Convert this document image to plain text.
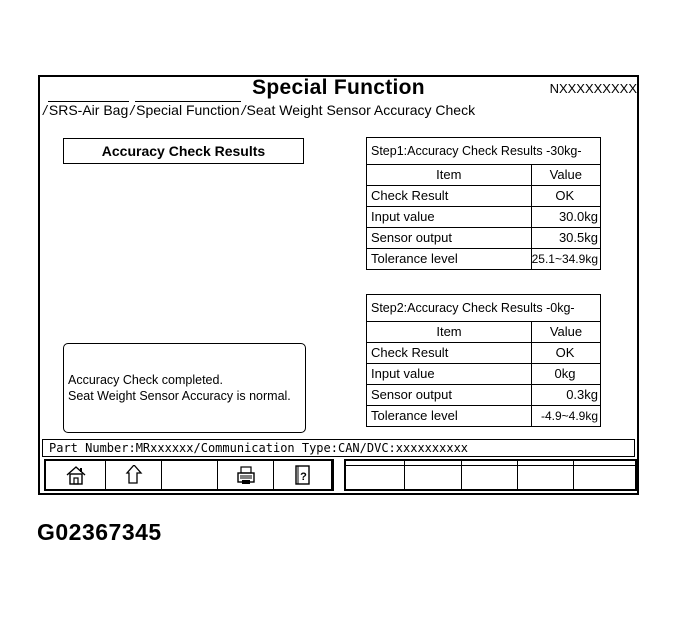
Special Function	NXXXXXXXXX
/ SRS-Air Bag / Special Function /Seat Weight Sensor Accuracy Check
Accuracy Check Results
Accuracy Check completed.
Seat Weight Sensor Accuracy is normal.
Step1:Accuracy Check Results -30kg-	
Item	Value
Check Result	OK
Input value	30.0kg
Sensor output	30.5kg
Tolerance level	25.1~34.9kg
Step2:Accuracy Check Results -0kg-	
Item	Value
Check Result	OK
Input value	0kg
Sensor output	0.3kg
Tolerance level	-4.9~4.9kg
Part Number:MRxxxxxx/Communication Type:CAN/DVC:xxxxxxxxxx
?
G02367345
